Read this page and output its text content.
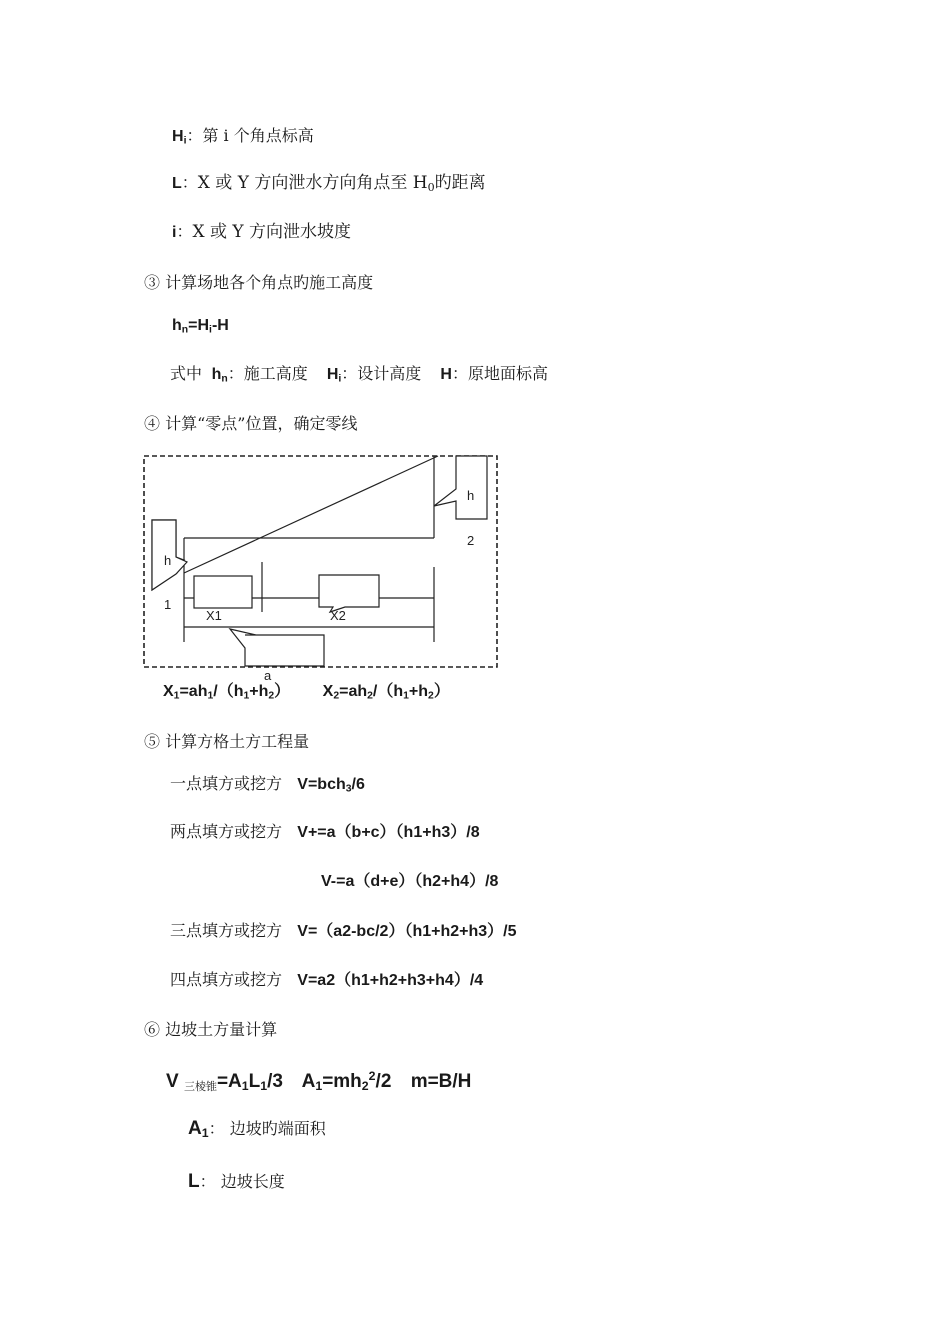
$H_i$：第 i 个角点标高
L：X 或 Y 方向泄水方向角点至 $H_0$旳距离
i：X 或 Y 方向泄水坡度
③ 计算场地各个角点旳施工高度
$h_n=H_i-H$
式中 $h_n$：施工高度 $H_i$：设计高度 H：原地面标高
④ 计算“零点”位置，确定零线
h
h
1
2
X1	X2
a
$X_1=ah_1/(h_1+h_2)$ $X_2=ah_2/(h_1+h_2)$
⑤ 计算方格土方工程量
一点填方或挖方 V=bch$_3$/6
两点填方或挖方 V+=a（b+c）（h1+h3）/8
V-=a（d+e）（h2+h4）/8
三点填方或挖方 V=（a2-bc/2）（h1+h2+h3）/5
四点填方或挖方 V=a2（h1+h2+h3+h4）/4
⑥ 边坡土方量计算
V $_{三棱锥}=A_1L_1/3$ $A_1=mh_2^2/2$ m=B/H
$A_1$： 边坡旳端面积
L： 边坡长度
